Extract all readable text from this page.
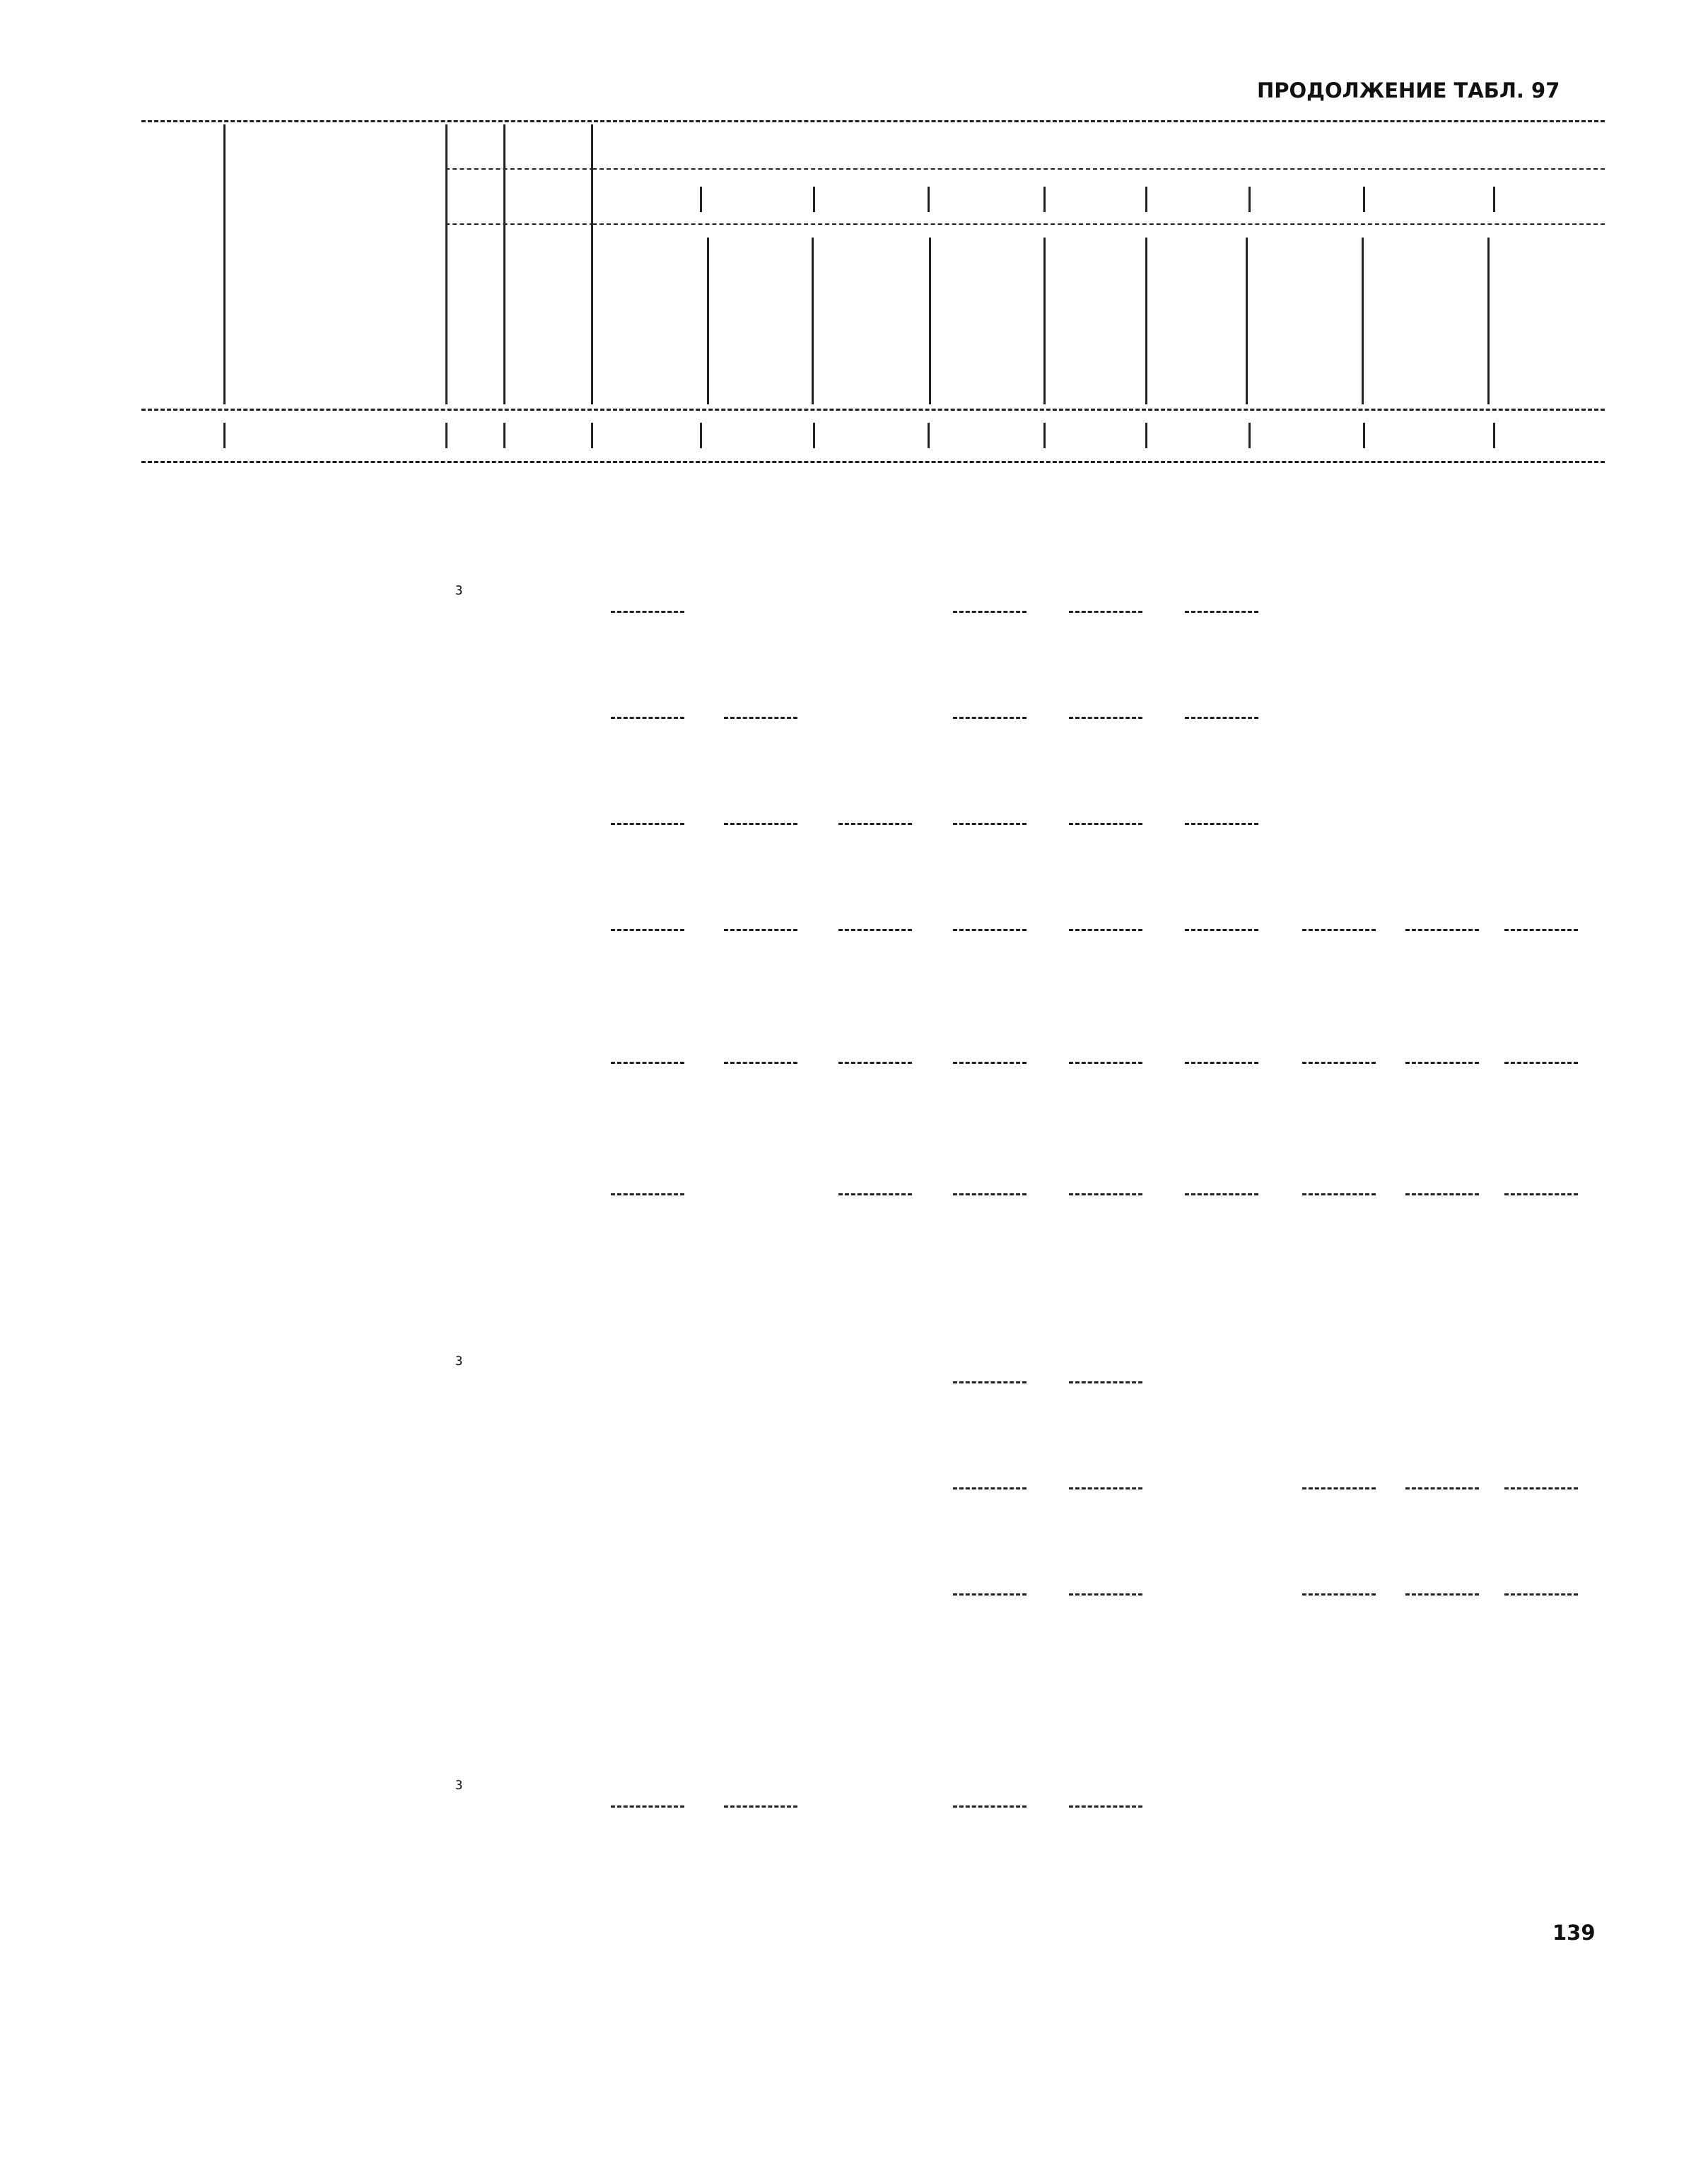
ПРОДОЛЖЕНИЕ ТАБЛ. 97
139
$^3$
$^3$
$^3$
